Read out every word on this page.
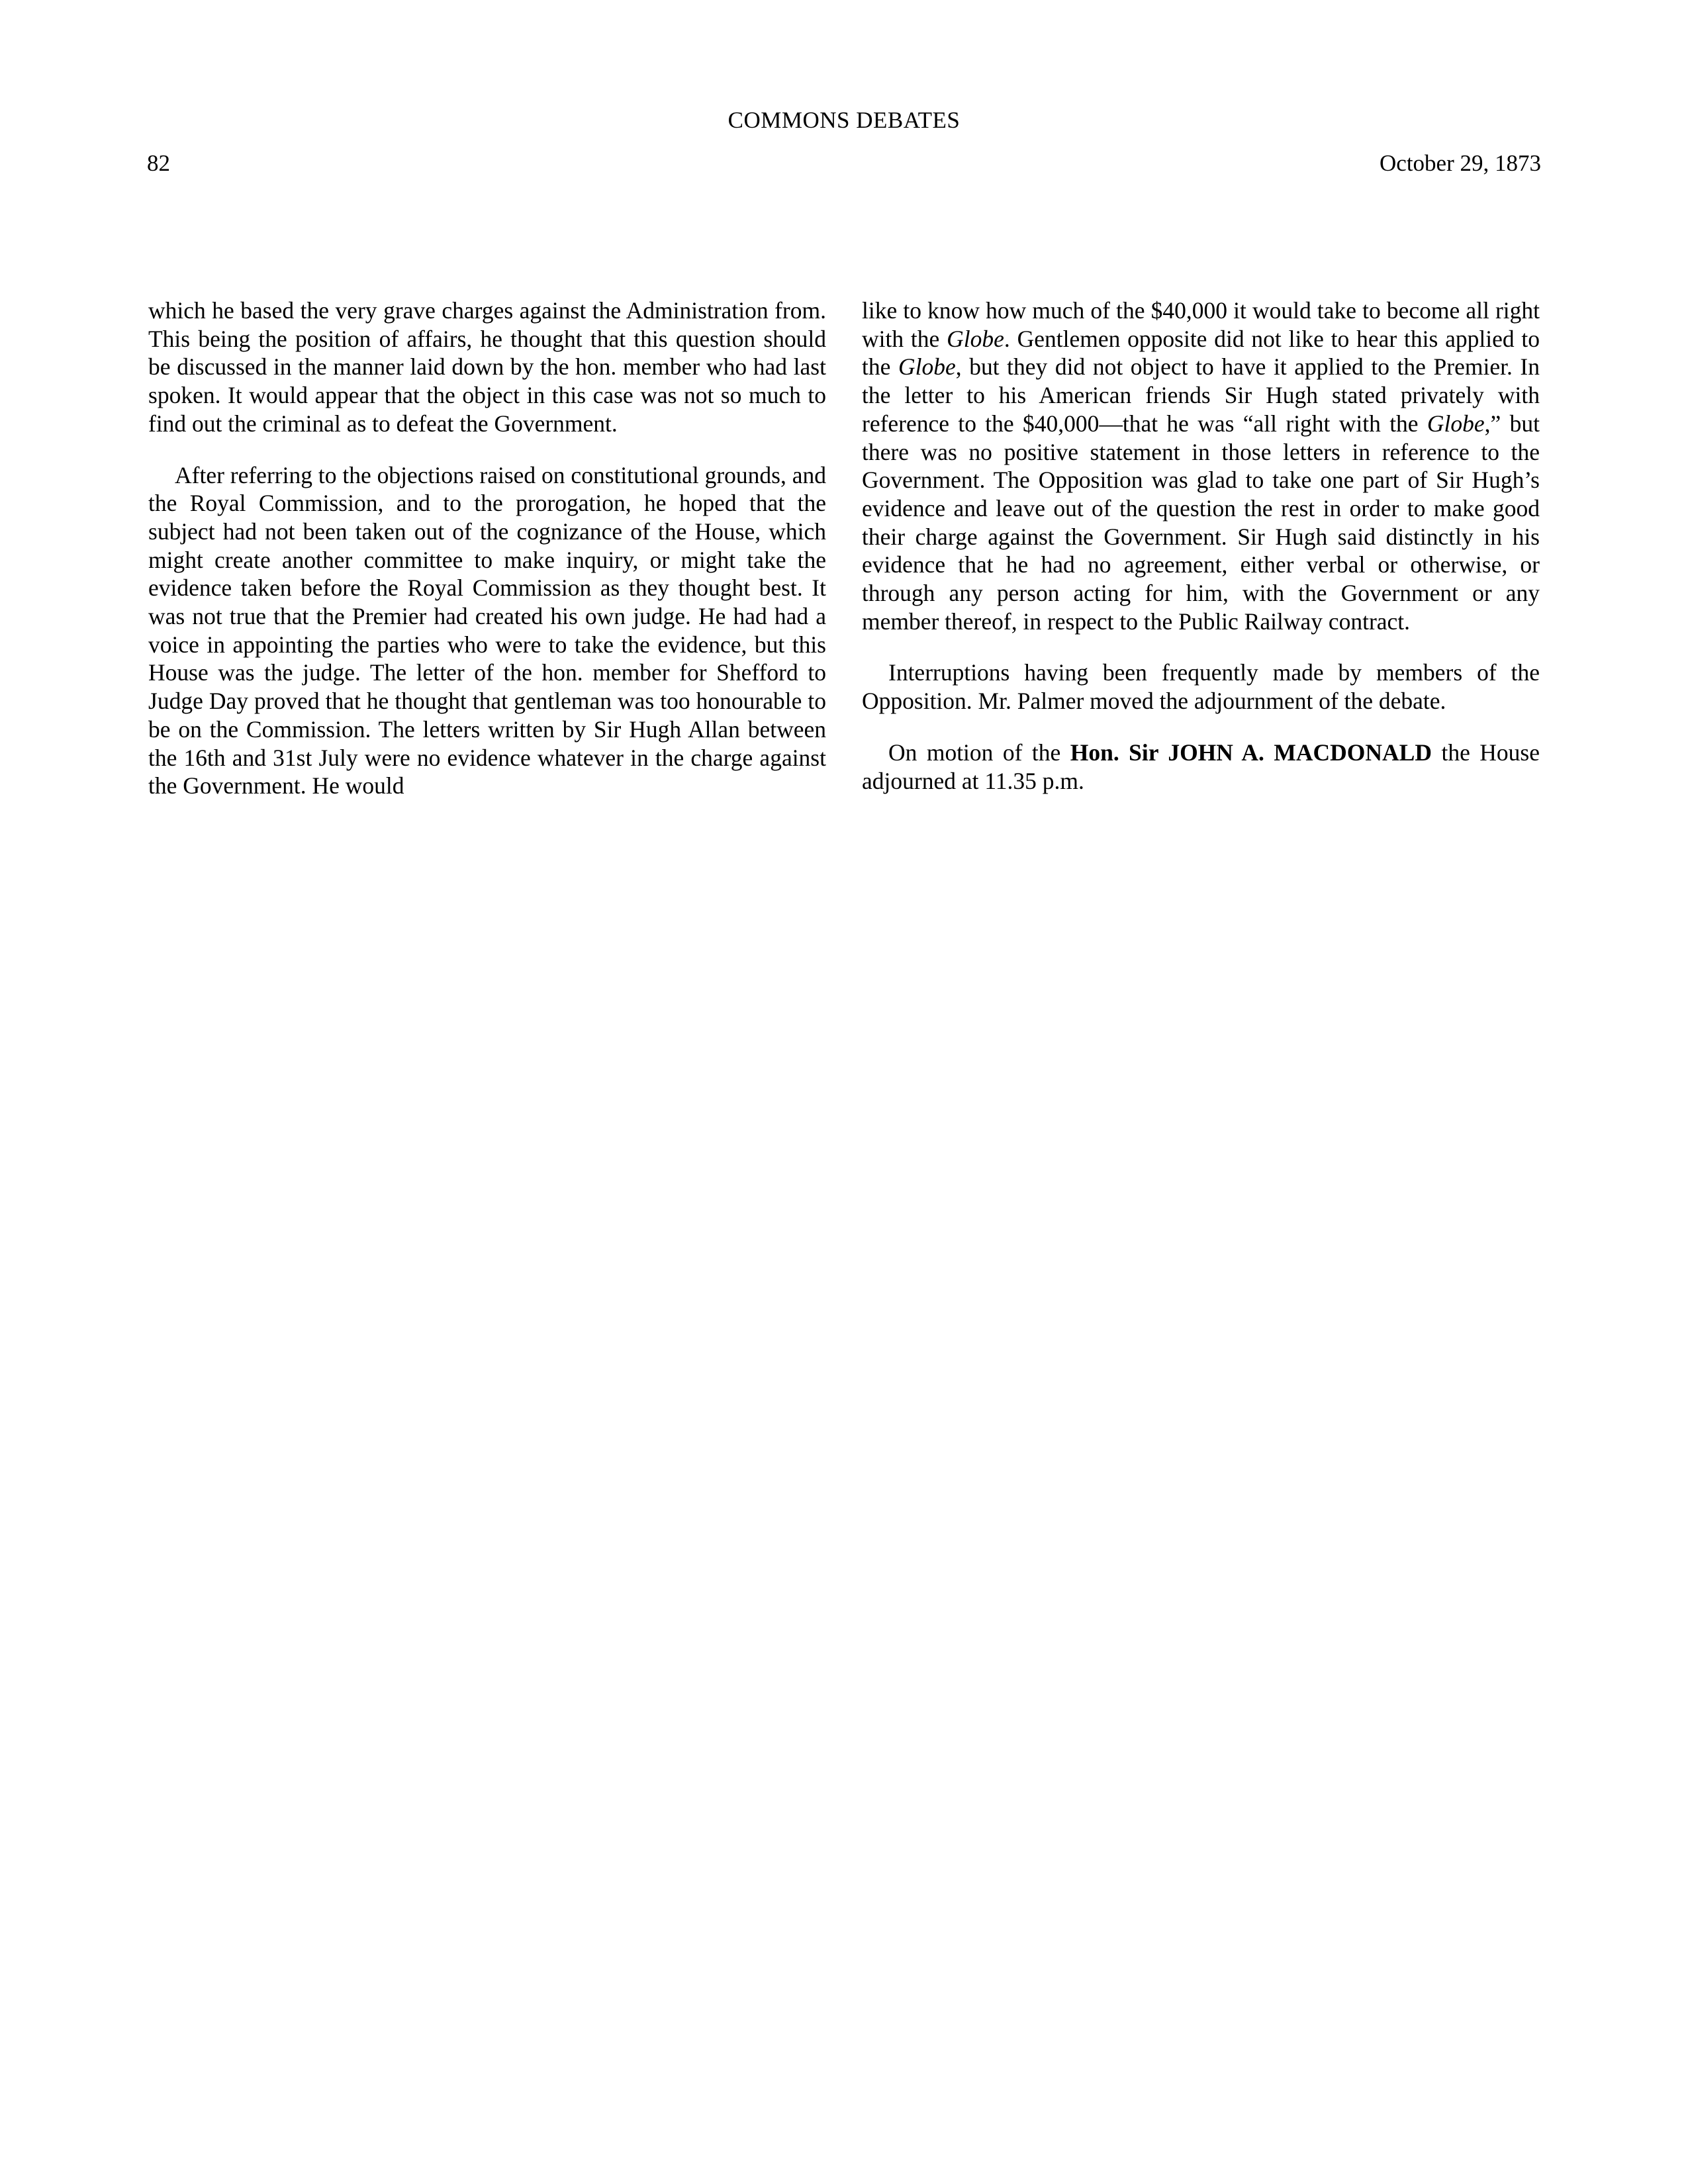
COMMONS DEBATES
82	October 29, 1873

which he based the very grave charges against the Administration from. This being the position of affairs, he thought that this question should be discussed in the manner laid down by the hon. member who had last spoken. It would appear that the object in this case was not so much to find out the criminal as to defeat the Government.

After referring to the objections raised on constitutional grounds, and the Royal Commission, and to the prorogation, he hoped that the subject had not been taken out of the cognizance of the House, which might create another committee to make inquiry, or might take the evidence taken before the Royal Commission as they thought best. It was not true that the Premier had created his own judge. He had had a voice in appointing the parties who were to take the evidence, but this House was the judge. The letter of the hon. member for Shefford to Judge Day proved that he thought that gentleman was too honourable to be on the Commission. The letters written by Sir Hugh Allan between the 16th and 31st July were no evidence whatever in the charge against the Government. He would

like to know how much of the $40,000 it would take to become all right with the Globe. Gentlemen opposite did not like to hear this applied to the Globe, but they did not object to have it applied to the Premier. In the letter to his American friends Sir Hugh stated privately with reference to the $40,000—that he was “all right with the Globe,” but there was no positive statement in those letters in reference to the Government. The Opposition was glad to take one part of Sir Hugh’s evidence and leave out of the question the rest in order to make good their charge against the Government. Sir Hugh said distinctly in his evidence that he had no agreement, either verbal or otherwise, or through any person acting for him, with the Government or any member thereof, in respect to the Public Railway contract.

Interruptions having been frequently made by members of the Opposition. Mr. Palmer moved the adjournment of the debate.

On motion of the Hon. Sir JOHN A. MACDONALD the House adjourned at 11.35 p.m.
